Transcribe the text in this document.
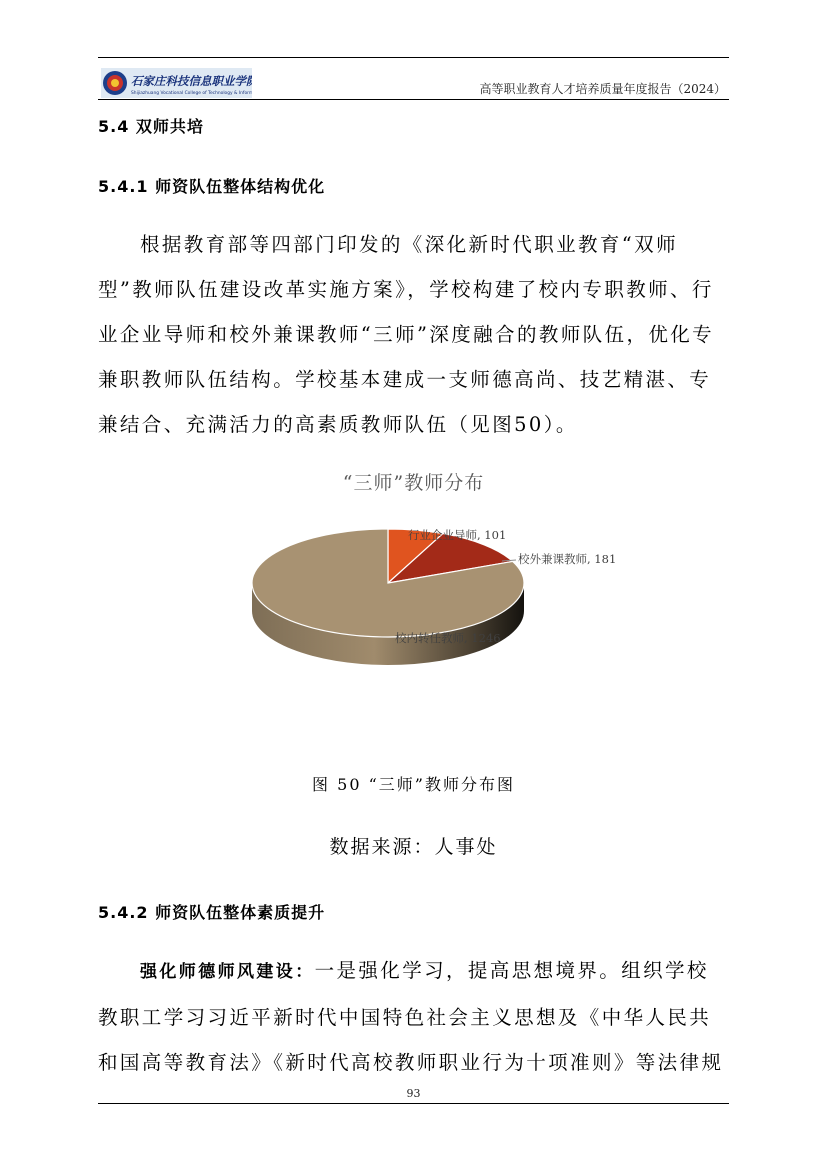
石家庄科技信息职业学院
Shijiazhuang Vocational College of Technology & Information	高等职业教育人才培养质量年度报告（2024）
5.4 双师共培
5.4.1 师资队伍整体结构优化

根据教育部等四部门印发的《深化新时代职业教育“双师型”教师队伍建设改革实施方案》，学校构建了校内专职教师、行业企业导师和校外兼课教师“三师”深度融合的教师队伍，优化专兼职教师队伍结构。学校基本建成一支师德高尚、技艺精湛、专兼结合、充满活力的高素质教师队伍（见图50）。

“三师”教师分布
行业企业导师, 101
校外兼课教师, 181
校内转任教师, 1246
图 50 “三师”教师分布图
数据来源：人事处
5.4.2 师资队伍整体素质提升

强化师德师风建设：一是强化学习，提高思想境界。组织学校教职工学习习近平新时代中国特色社会主义思想及《中华人民共和国高等教育法》《新时代高校教师职业行为十项准则》等法律规

93
